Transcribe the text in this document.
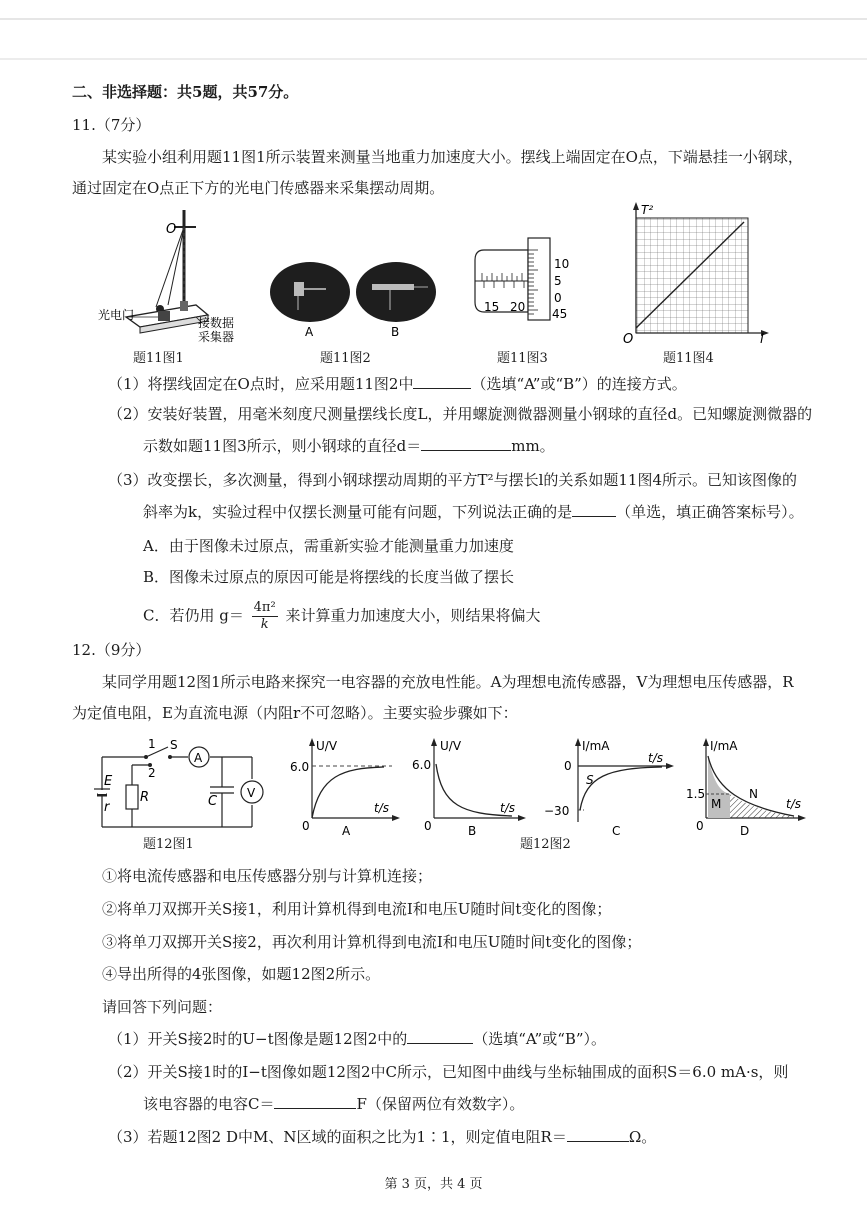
二、非选择题：共5题，共57分。
11.（7分）
某实验小组利用题11图1所示装置来测量当地重力加速度大小。摆线上端固定在O点，下端悬挂一小钢球，
通过固定在O点正下方的光电门传感器来采集摆动周期。
O
光电门
接数据
采集器
题11图1
A	B
题11图2
15 20
10
5
0
45
题11图3
T²
l
O
题11图4
（1）将摆线固定在O点时，应采用题11图2中	（选填“A”或“B”）的连接方式。
（2）安装好装置，用毫米刻度尺测量摆线长度L，并用螺旋测微器测量小钢球的直径d。已知螺旋测微器的
示数如题11图3所示，则小钢球的直径d＝	mm。
（3）改变摆长，多次测量，得到小钢球摆动周期的平方T²与摆长l的关系如题11图4所示。已知该图像的
斜率为k，实验过程中仅摆长测量可能有问题，下列说法正确的是	（单选，填正确答案标号）。
A．由于图像未过原点，需重新实验才能测量重力加速度
B．图像未过原点的原因可能是将摆线的长度当做了摆长
C．若仍用 $g= \frac{\text{4π²}}{k}$ 来计算重力加速度大小，则结果将偏大
12.（9分）
某同学用题12图1所示电路来探究一电容器的充放电性能。A为理想电流传感器，V为理想电压传感器，R
为定值电阻，E为直流电源（内阻r不可忽略）。主要实验步骤如下：
1
2
S
A
V
E
r
R	C
题12图1
U/V
6.0
0
t/s
A
U/V
6.0
0
t/s
B
I/mA
0
−30
S
t/s
C
题12图2
I/mA
1.5
0
M
N
t/s
D
①将电流传感器和电压传感器分别与计算机连接；
②将单刀双掷开关S接1，利用计算机得到电流I和电压U随时间t变化的图像；
③将单刀双掷开关S接2，再次利用计算机得到电流I和电压U随时间t变化的图像；
④导出所得的4张图像，如题12图2所示。
请回答下列问题：
（1）开关S接2时的U−t图像是题12图2中的	（选填“A”或“B”）。
（2）开关S接1时的I−t图像如题12图2中C所示，已知图中曲线与坐标轴围成的面积S＝6.0 mA·s，则
该电容器的电容C＝	F（保留两位有效数字）。
（3）若题12图2 D中M、N区域的面积之比为1∶1，则定值电阻R＝	Ω。
第 3 页，共 4 页
